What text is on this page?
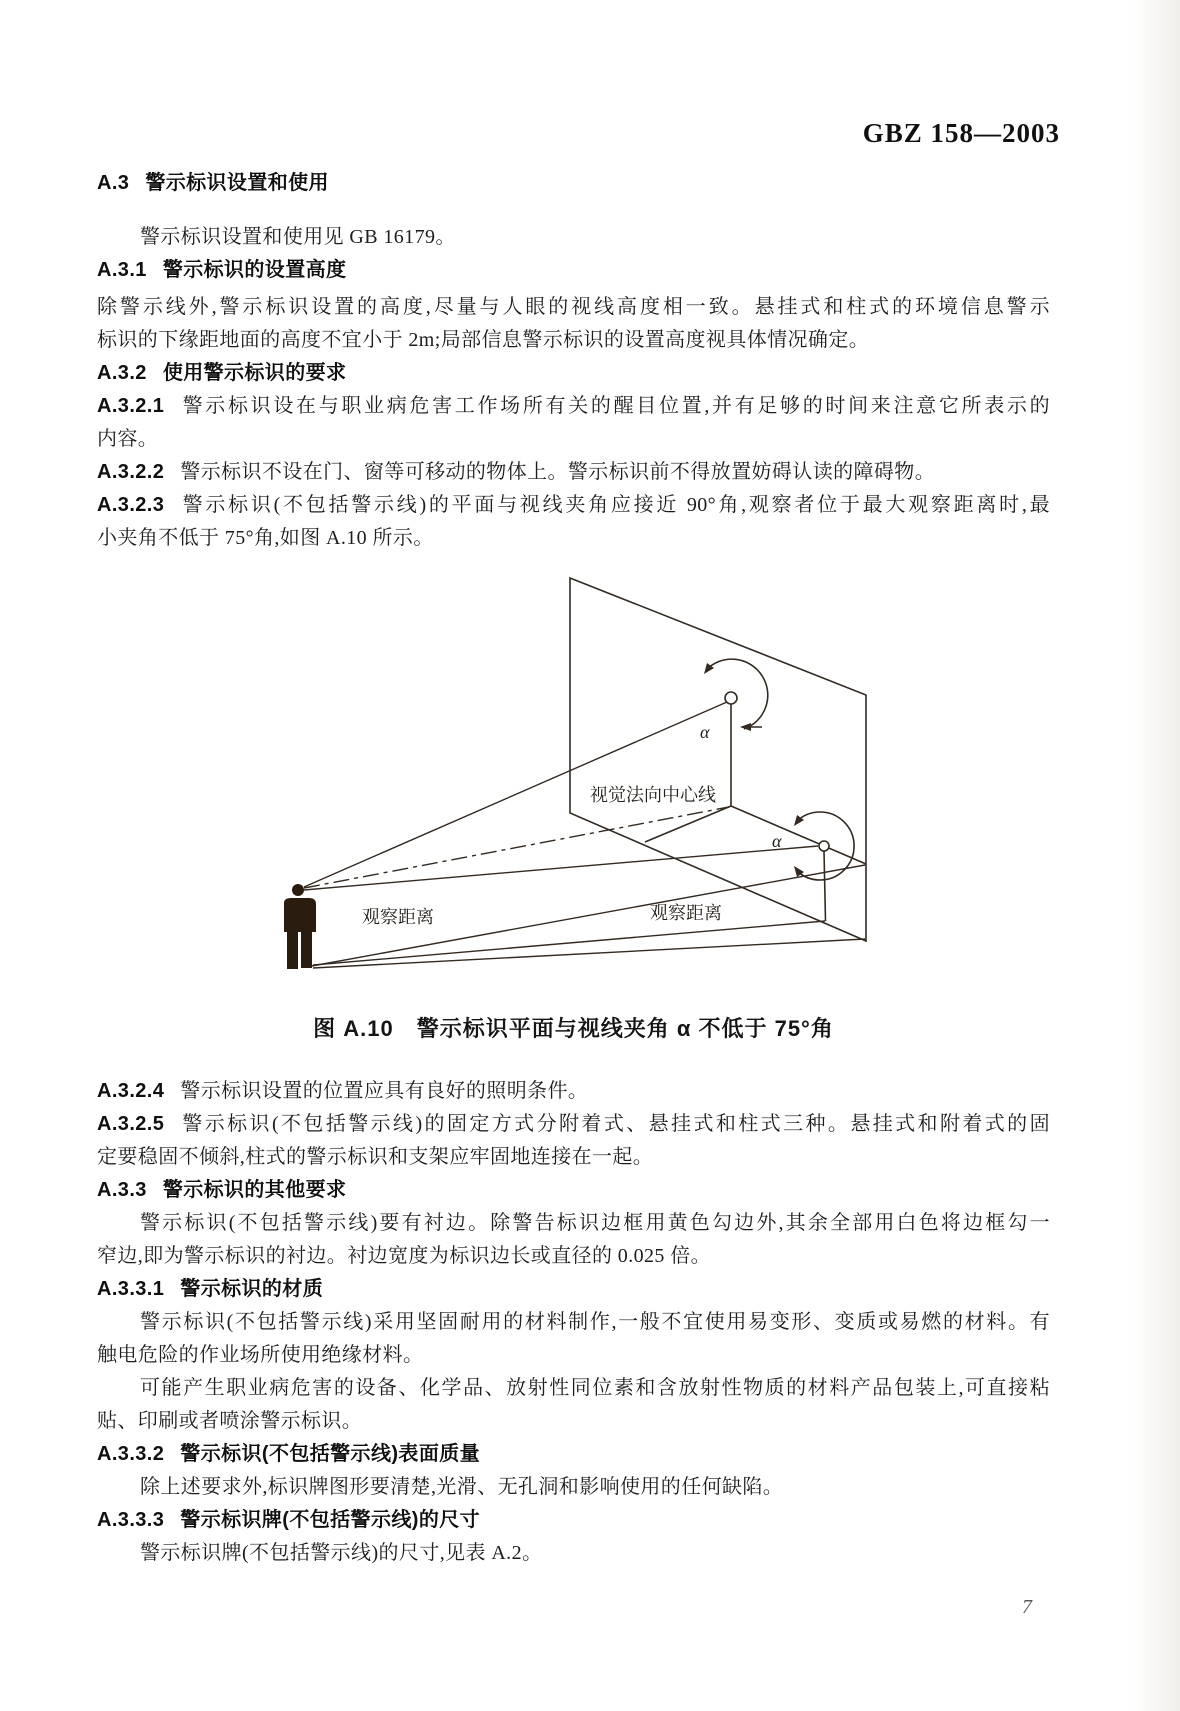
GBZ 158—2003
A.3 警示标识设置和使用
警示标识设置和使用见 GB 16179。
A.3.1 警示标识的设置高度
除警示线外,警示标识设置的高度,尽量与人眼的视线高度相一致。悬挂式和柱式的环境信息警示
标识的下缘距地面的高度不宜小于 2m;局部信息警示标识的设置高度视具体情况确定。
A.3.2 使用警示标识的要求
A.3.2.1 警示标识设在与职业病危害工作场所有关的醒目位置,并有足够的时间来注意它所表示的
内容。
A.3.2.2 警示标识不设在门、窗等可移动的物体上。警示标识前不得放置妨碍认读的障碍物。
A.3.2.3 警示标识(不包括警示线)的平面与视线夹角应接近 90°角,观察者位于最大观察距离时,最
小夹角不低于 75°角,如图 A.10 所示。
A.3.2.4 警示标识设置的位置应具有良好的照明条件。
A.3.2.5 警示标识(不包括警示线)的固定方式分附着式、悬挂式和柱式三种。悬挂式和附着式的固
定要稳固不倾斜,柱式的警示标识和支架应牢固地连接在一起。
A.3.3 警示标识的其他要求
警示标识(不包括警示线)要有衬边。除警告标识边框用黄色勾边外,其余全部用白色将边框勾一
窄边,即为警示标识的衬边。衬边宽度为标识边长或直径的 0.025 倍。
A.3.3.1 警示标识的材质
警示标识(不包括警示线)采用坚固耐用的材料制作,一般不宜使用易变形、变质或易燃的材料。有
触电危险的作业场所使用绝缘材料。
可能产生职业病危害的设备、化学品、放射性同位素和含放射性物质的材料产品包装上,可直接粘
贴、印刷或者喷涂警示标识。
A.3.3.2 警示标识(不包括警示线)表面质量
除上述要求外,标识牌图形要清楚,光滑、无孔洞和影响使用的任何缺陷。
A.3.3.3 警示标识牌(不包括警示线)的尺寸
警示标识牌(不包括警示线)的尺寸,见表 A.2。
视觉法向中心线
观察距离	观察距离
α
α
图 A.10　警示标识平面与视线夹角 α 不低于 75°角
7
